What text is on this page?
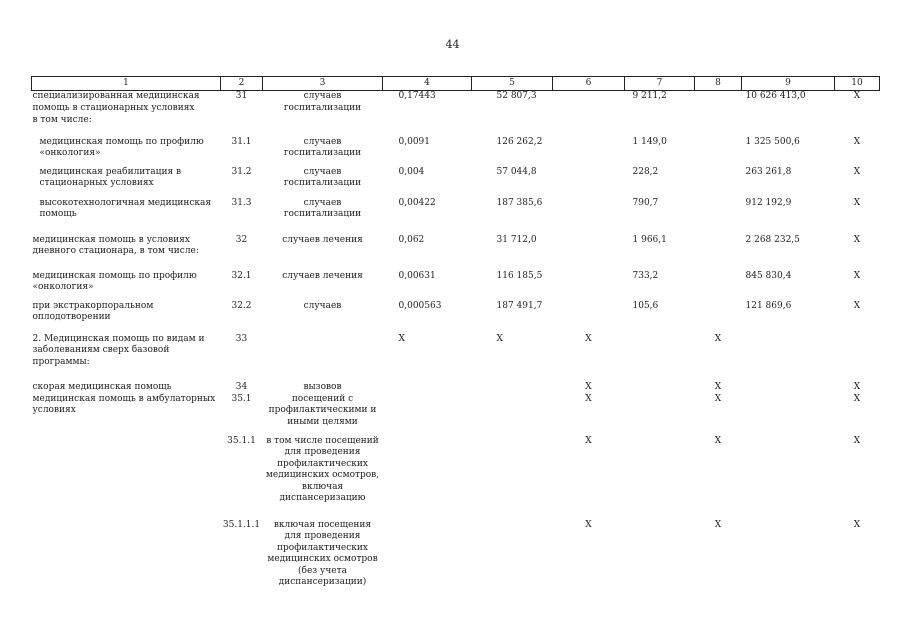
44
1	2	3	4	5	6	7	8	9	10
специализированная медицинская помощь в стационарных условиях	31	случаев госпитализации	0,17443	52 807,3		9 211,2		10 626 413,0	Х
в том числе:									
медицинская помощь по профилю «онкология»	31.1	случаев госпитализации	0,0091	126 262,2		1 149,0		1 325 500,6	Х
медицинская реабилитация в стационарных условиях	31.2	случаев госпитализации	0,004	57 044,8		228,2		263 261,8	Х
высокотехнологичная медицинская помощь	31.3	случаев госпитализации	0,00422	187 385,6		790,7		912 192,9	Х
медицинская помощь в условиях дневного стационара, в том числе:	32	случаев лечения	0,062	31 712,0		1 966,1		2 268 232,5	Х
медицинская помощь по профилю «онкология»	32.1	случаев лечения	0,00631	116 185,5		733,2		845 830,4	Х
при экстракорпоральном оплодотворении	32.2	случаев	0,000563	187 491,7		105,6		121 869,6	Х
2. Медицинская помощь по видам и заболеваниям сверх базовой программы:	33		Х	Х	Х		Х		
скорая медицинская помощь	34	вызовов			Х		Х		Х
медицинская помощь в амбулаторных условиях	35.1	посещений с профилактическими и иными целями			Х		Х		Х
	35.1.1	в том числе посещений для проведения профилактических медицинских осмотров, включая диспансеризацию			Х		Х		Х
	35.1.1.1	включая посещения для проведения профилактических медицинских осмотров (без учета диспансеризации)			Х		Х		Х
